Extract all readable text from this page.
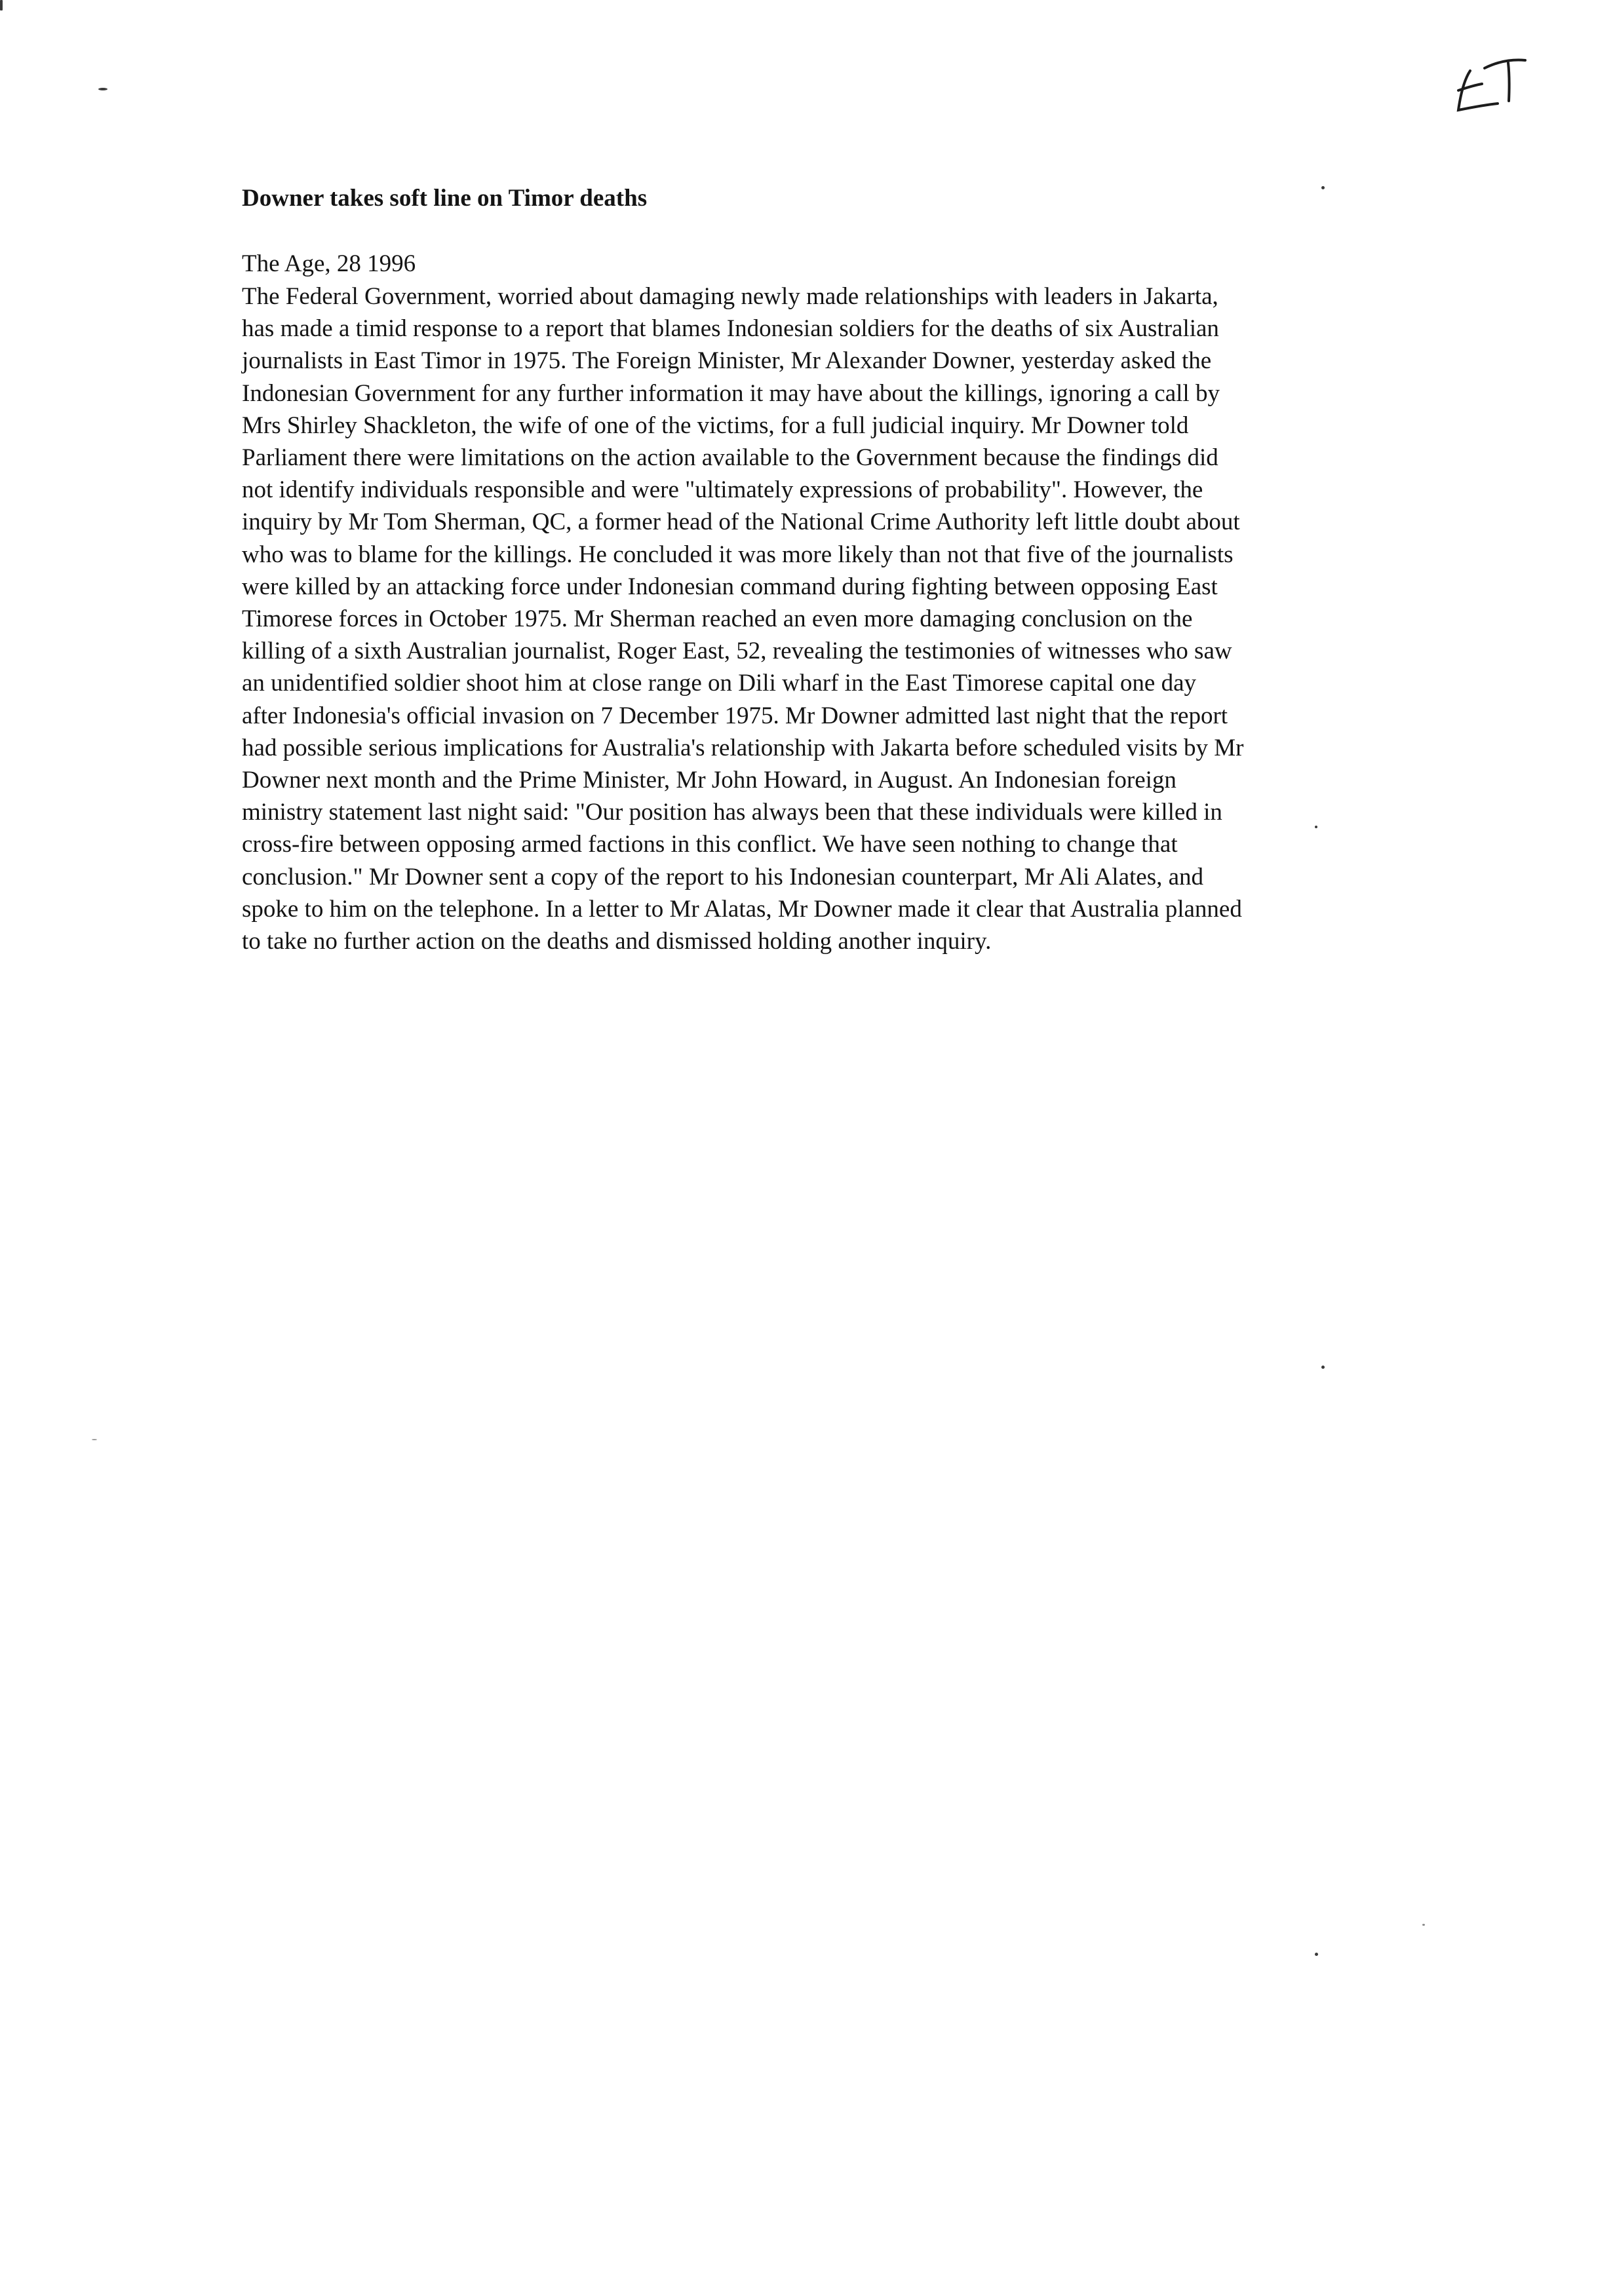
Downer takes soft line on Timor deaths

The Age, 28 1996

The Federal Government, worried about damaging newly made relationships with leaders in Jakarta,
has made a timid response to a report that blames Indonesian soldiers for the deaths of six Australian
journalists in East Timor in 1975. The Foreign Minister, Mr Alexander Downer, yesterday asked the
Indonesian Government for any further information it may have about the killings, ignoring a call by
Mrs Shirley Shackleton, the wife of one of the victims, for a full judicial inquiry. Mr Downer told
Parliament there were limitations on the action available to the Government because the findings did
not identify individuals responsible and were "ultimately expressions of probability". However, the
inquiry by Mr Tom Sherman, QC, a former head of the National Crime Authority left little doubt about
who was to blame for the killings. He concluded it was more likely than not that five of the journalists
were killed by an attacking force under Indonesian command during fighting between opposing East
Timorese forces in October 1975. Mr Sherman reached an even more damaging conclusion on the
killing of a sixth Australian journalist, Roger East, 52, revealing the testimonies of witnesses who saw
an unidentified soldier shoot him at close range on Dili wharf in the East Timorese capital one day
after Indonesia's official invasion on 7 December 1975. Mr Downer admitted last night that the report
had possible serious implications for Australia's relationship with Jakarta before scheduled visits by Mr
Downer next month and the Prime Minister, Mr John Howard, in August. An Indonesian foreign
ministry statement last night said: "Our position has always been that these individuals were killed in
cross-fire between opposing armed factions in this conflict. We have seen nothing to change that
conclusion." Mr Downer sent a copy of the report to his Indonesian counterpart, Mr Ali Alates, and
spoke to him on the telephone. In a letter to Mr Alatas, Mr Downer made it clear that Australia planned
to take no further action on the deaths and dismissed holding another inquiry.
